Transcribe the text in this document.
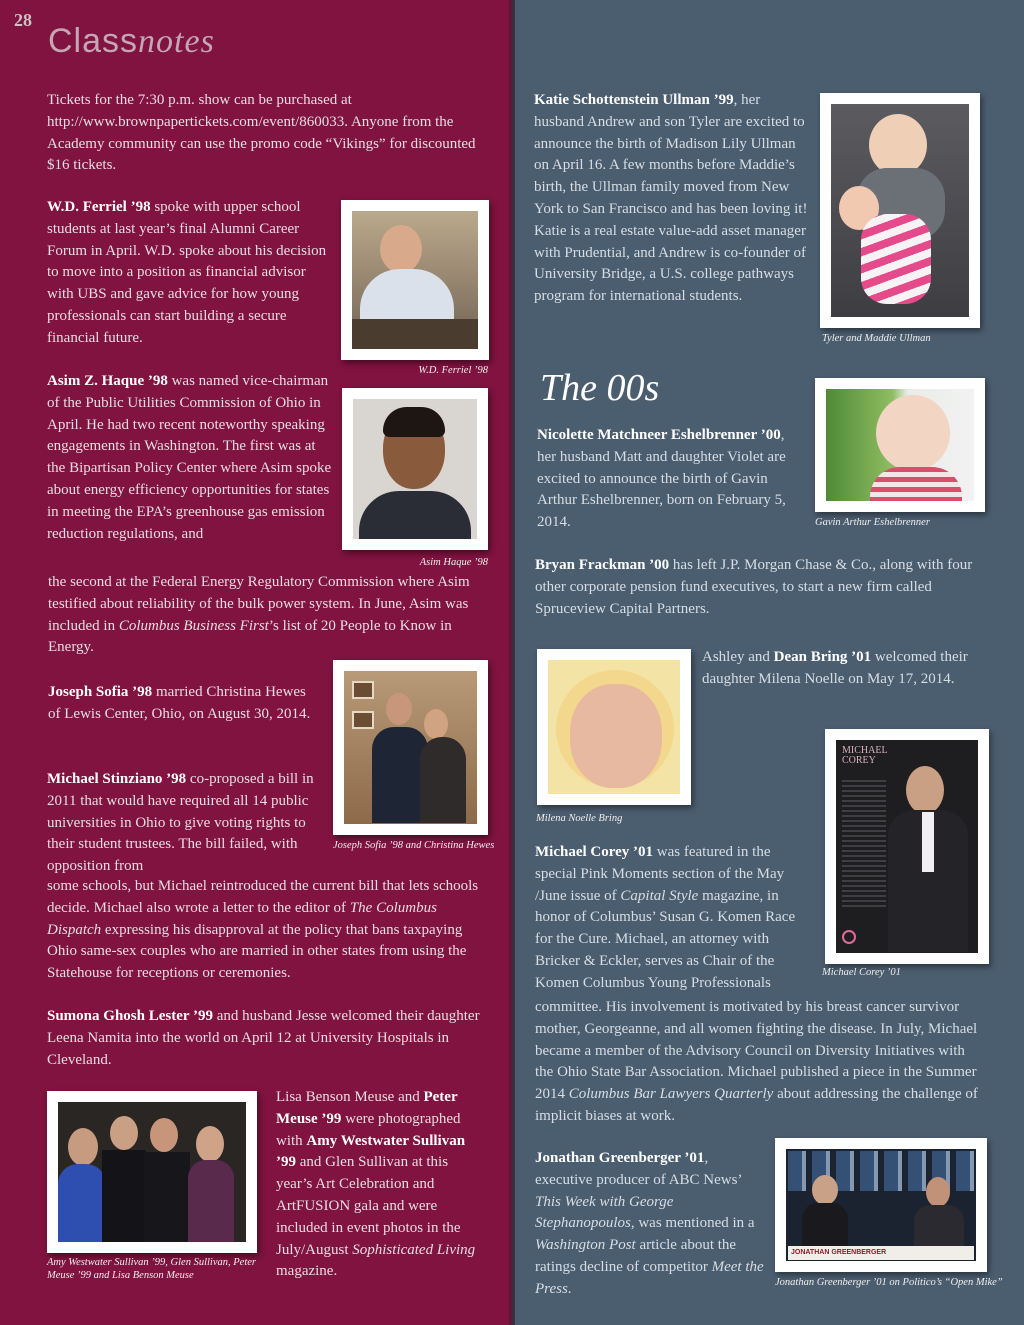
28
Classnotes
Tickets for the 7:30 p.m. show can be purchased at http://www.brownpapertickets.com/event/860033. Anyone from the Academy community can use the promo code “Vikings” for discounted $16 tickets.
W.D. Ferriel ’98 spoke with upper school students at last year’s final Alumni Career Forum in April. W.D. spoke about his decision to move into a position as financial advisor with UBS and gave advice for how young professionals can start building a secure financial future.
W.D. Ferriel ’98
Asim Z. Haque ’98 was named vice-chairman of the Public Utilities Commission of Ohio in April. He had two recent noteworthy speaking engagements in Washington. The first was at the Bipartisan Policy Center where Asim spoke about energy efficiency opportunities for states in meeting the EPA’s greenhouse gas emission reduction regulations, and
Asim Haque ’98
the second at the Federal Energy Regulatory Commission where Asim testified about reliability of the bulk power system. In June, Asim was included in Columbus Business First’s list of 20 People to Know in Energy.
Joseph Sofia ’98 married Christina Hewes of Lewis Center, Ohio, on August 30, 2014.
Joseph Sofia ’98 and Christina Hewes
Michael Stinziano ’98 co-proposed a bill in 2011 that would have required all 14 public universities in Ohio to give voting rights to their student trustees. The bill failed, with opposition from
some schools, but Michael reintroduced the current bill that lets schools decide. Michael also wrote a letter to the editor of The Columbus Dispatch expressing his disapproval at the policy that bans taxpaying Ohio same-sex couples who are married in other states from using the Statehouse for receptions or ceremonies.
Sumona Ghosh Lester ’99 and husband Jesse welcomed their daughter Leena Namita into the world on April 12 at University Hospitals in Cleveland.
Amy Westwater Sullivan ’99, Glen Sullivan, Peter Meuse ’99 and Lisa Benson Meuse
Lisa Benson Meuse and Peter Meuse ’99 were photographed with Amy Westwater Sullivan ’99 and Glen Sullivan at this year’s Art Celebration and ArtFUSION gala and were included in event photos in the July/August Sophisticated Living magazine.
Katie Schottenstein Ullman ’99, her husband Andrew and son Tyler are excited to announce the birth of Madison Lily Ullman on April 16. A few months before Maddie’s birth, the Ullman family moved from New York to San Francisco and has been loving it! Katie is a real estate value-add asset manager with Prudential, and Andrew is co-founder of University Bridge, a U.S. college pathways program for international students.
Tyler and Maddie Ullman
The 00s
Nicolette Matchneer Eshelbrenner ’00, her husband Matt and daughter Violet are excited to announce the birth of Gavin Arthur Eshelbrenner, born on February 5, 2014.	Gavin Arthur Eshelbrenner
Bryan Frackman ’00 has left J.P. Morgan Chase & Co., along with four other corporate pension fund executives, to start a new firm called Spruceview Capital Partners.
Milena Noelle Bring
Ashley and Dean Bring ’01 welcomed their daughter Milena Noelle on May 17, 2014.
Michael Corey ’01 was featured in the special Pink Moments section of the May /June issue of Capital Style magazine, in honor of Columbus’ Susan G. Komen Race for the Cure. Michael, an attorney with Bricker & Eckler, serves as Chair of the Komen Columbus Young Professionals
MICHAEL COREY
Michael Corey ’01
committee. His involvement is motivated by his breast cancer survivor mother, Georgeanne, and all women fighting the disease. In July, Michael became a member of the Advisory Council on Diversity Initiatives with the Ohio State Bar Association. Michael published a piece in the Summer 2014 Columbus Bar Lawyers Quarterly about addressing the challenge of implicit biases at work.
Jonathan Greenberger ’01, executive producer of ABC News’ This Week with George Stephanopoulos, was mentioned in a Washington Post article about the ratings decline of competitor Meet the Press.
JONATHAN GREENBERGER
Jonathan Greenberger ’01 on Politico’s “Open Mike”
